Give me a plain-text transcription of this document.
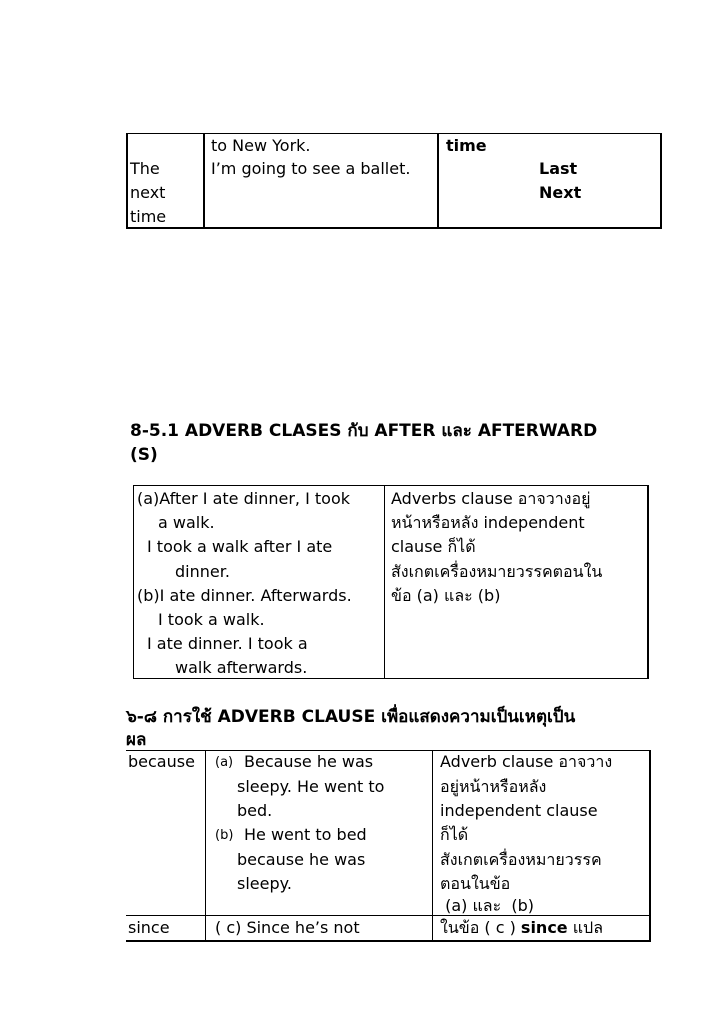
The
next
time
to New York.
I’m going to see a ballet.
time
Last
Next
8-5.1 ADVERB CLASES กับ AFTER และ AFTERWARD
(S)
(a)After I ate dinner, I took
a walk.
I took a walk after I ate
dinner.
(b)I ate dinner. Afterwards.
I took a walk.
I ate dinner. I took a
walk afterwards.
Adverbs clause อาจวางอยู่
หน้าหรือหลัง independent
clause ก็ได้
สังเกตเครื่องหมายวรรคตอนใน
ข้อ (a) และ (b)
๖-๘ การใช้ ADVERB CLAUSE เพื่อแสดงความเป็นเหตุเป็น
ผล
because (a) Because he was
sleepy. He went to
bed.
(b) He went to bed
because he was
sleepy.
Adverb clause อาจวาง
อยู่หน้าหรือหลัง
independent clause
ก็ได้
สังเกตเครื่องหมายวรรค
ตอนในข้อ
(a) และ  (b)
since	( c) Since he’s not	ในข้อ ( c ) since แปล
